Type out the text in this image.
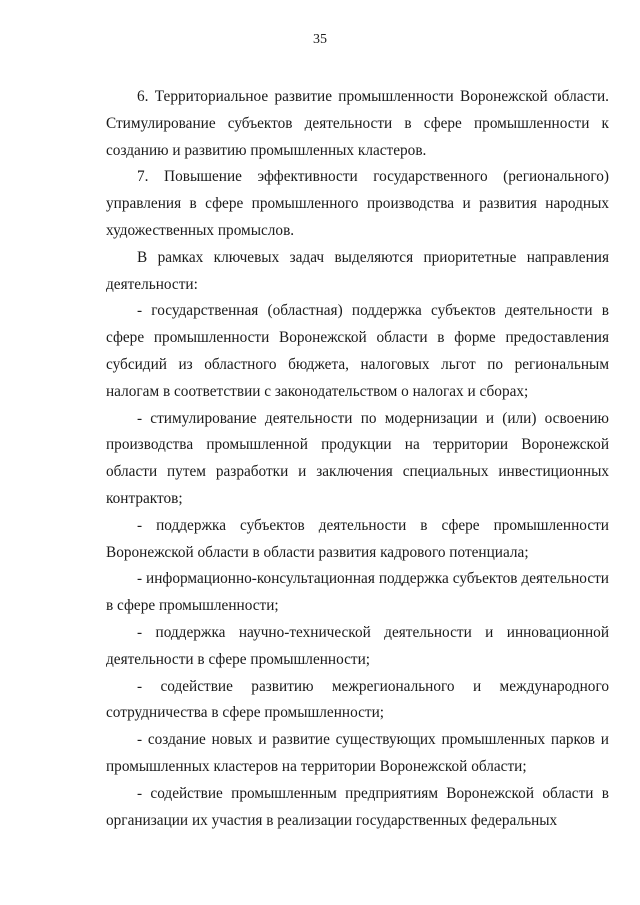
35

6. Территориальное развитие промышленности Воронежской области. Стимулирование субъектов деятельности в сфере промышленности к созданию и развитию промышленных кластеров.

7. Повышение эффективности государственного (регионального) управления в сфере промышленного производства и развития народных художественных промыслов.

В рамках ключевых задач выделяются приоритетные направления деятельности:

- государственная (областная) поддержка субъектов деятельности в сфере промышленности Воронежской области в форме предоставления субсидий из областного бюджета, налоговых льгот по региональным налогам в соответствии с законодательством о налогах и сборах;

- стимулирование деятельности по модернизации и (или) освоению производства промышленной продукции на территории Воронежской области путем разработки и заключения специальных инвестиционных контрактов;

- поддержка субъектов деятельности в сфере промышленности Воронежской области в области развития кадрового потенциала;

- информационно-консультационная поддержка субъектов деятельности в сфере промышленности;

- поддержка научно-технической деятельности и инновационной деятельности в сфере промышленности;

- содействие развитию межрегионального и международного сотрудничества в сфере промышленности;

- создание новых и развитие существующих промышленных парков и промышленных кластеров на территории Воронежской области;

- содействие промышленным предприятиям Воронежской области в организации их участия в реализации государственных федеральных
